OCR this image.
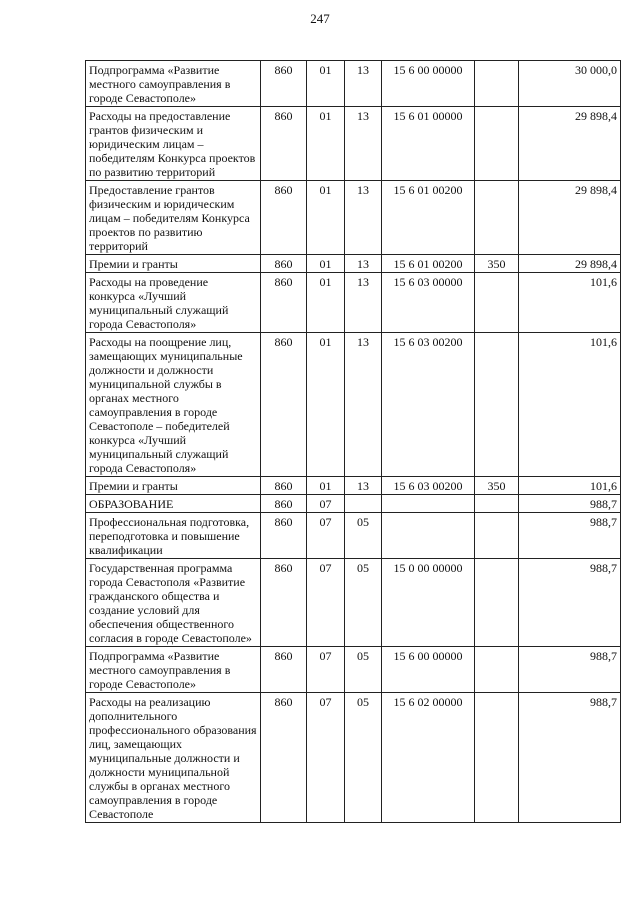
247
Подпрограмма «Развитие местного самоуправления в городе Севастополе»	860	01	13	15 6 00 00000		30 000,0
Расходы на предоставление грантов физическим и юридическим лицам – победителям Конкурса проектов по развитию территорий	860	01	13	15 6 01 00000		29 898,4
Предоставление грантов физическим и юридическим лицам – победителям Конкурса проектов по развитию территорий	860	01	13	15 6 01 00200		29 898,4
Премии и гранты	860	01	13	15 6 01 00200	350	29 898,4
Расходы на проведение конкурса «Лучший муниципальный служащий города Севастополя»	860	01	13	15 6 03 00000		101,6
Расходы на поощрение лиц, замещающих муниципальные должности и должности муниципальной службы в органах местного самоуправления в городе Севастополе – победителей конкурса «Лучший муниципальный служащий города Севастополя»	860	01	13	15 6 03 00200		101,6
Премии и гранты	860	01	13	15 6 03 00200	350	101,6
ОБРАЗОВАНИЕ	860	07				988,7
Профессиональная подготовка, переподготовка и повышение квалификации	860	07	05			988,7
Государственная программа города Севастополя «Развитие гражданского общества и создание условий для обеспечения общественного согласия в городе Севастополе»	860	07	05	15 0 00 00000		988,7
Подпрограмма «Развитие местного самоуправления в городе Севастополе»	860	07	05	15 6 00 00000		988,7
Расходы на реализацию дополнительного профессионального образования лиц, замещающих муниципальные должности и должности муниципальной службы в органах местного самоуправления в городе Севастополе	860	07	05	15 6 02 00000		988,7
